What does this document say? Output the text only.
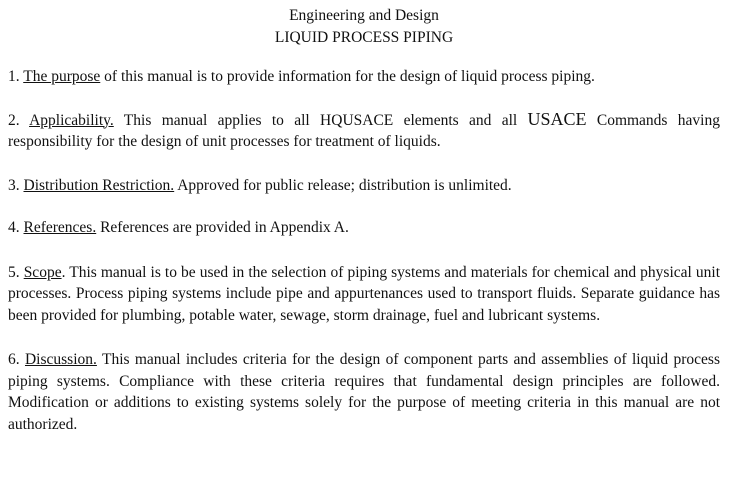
Engineering and Design
LIQUID PROCESS PIPING

1. The purpose of this manual is to provide information for the design of liquid process piping.

2. Applicability. This manual applies to all HQUSACE elements and all USACE Commands having responsibility for the design of unit processes for treatment of liquids.

3. Distribution Restriction. Approved for public release; distribution is unlimited.

4. References. References are provided in Appendix A.

5. Scope. This manual is to be used in the selection of piping systems and materials for chemical and physical unit processes. Process piping systems include pipe and appurtenances used to transport fluids. Separate guidance has been provided for plumbing, potable water, sewage, storm drainage, fuel and lubricant systems.

6. Discussion. This manual includes criteria for the design of component parts and assemblies of liquid process piping systems. Compliance with these criteria requires that fundamental design principles are followed. Modification or additions to existing systems solely for the purpose of meeting criteria in this manual are not authorized.
